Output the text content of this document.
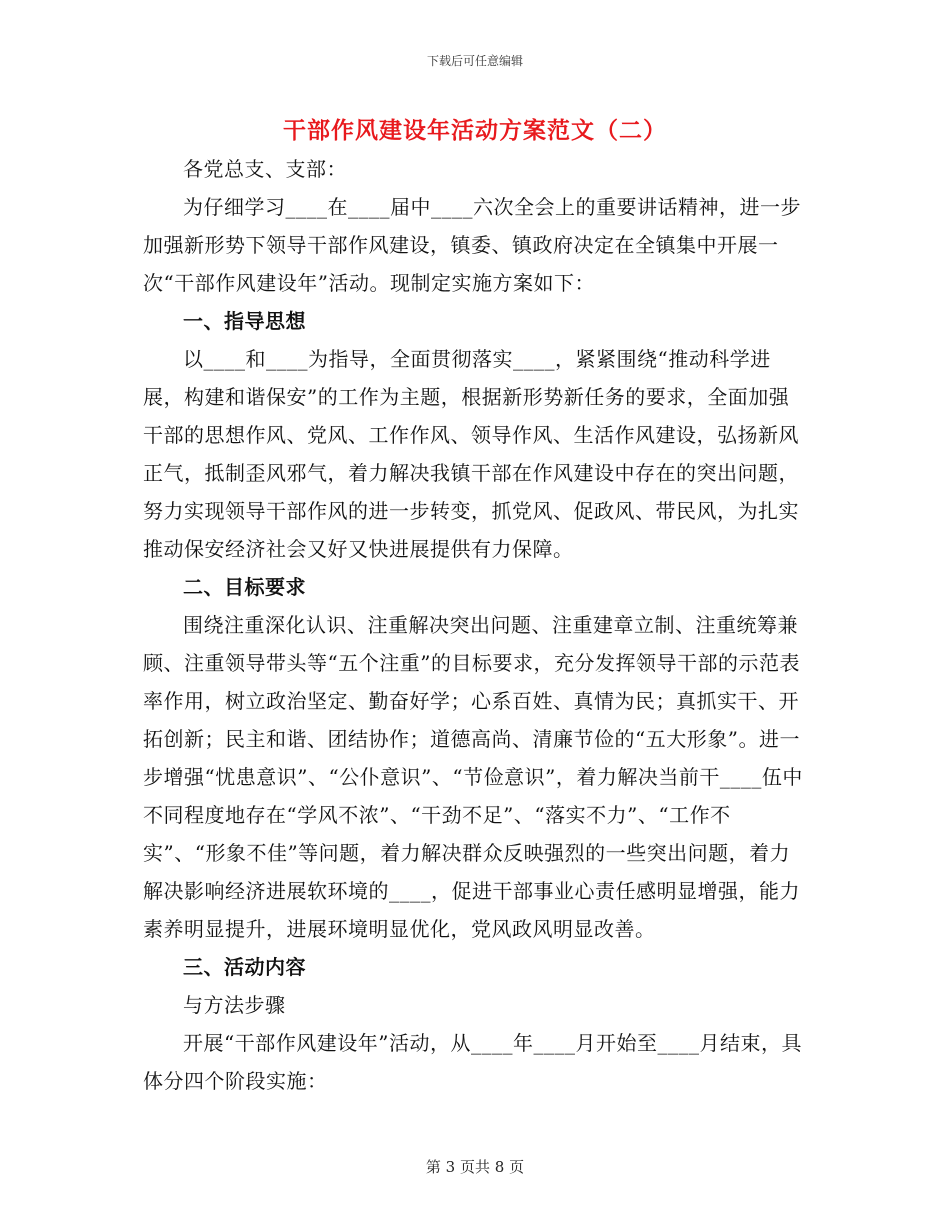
下载后可任意编辑
干部作风建设年活动方案范文（二）

各党总支、支部：

为仔细学习____在____届中____六次全会上的重要讲话精神，进一步加强新形势下领导干部作风建设，镇委、镇政府决定在全镇集中开展一次“干部作风建设年”活动。现制定实施方案如下：

一、指导思想

以____和____为指导，全面贯彻落实____，紧紧围绕“推动科学进展，构建和谐保安”的工作为主题，根据新形势新任务的要求，全面加强干部的思想作风、党风、工作作风、领导作风、生活作风建设，弘扬新风正气，抵制歪风邪气，着力解决我镇干部在作风建设中存在的突出问题，努力实现领导干部作风的进一步转变，抓党风、促政风、带民风，为扎实推动保安经济社会又好又快进展提供有力保障。

二、目标要求

围绕注重深化认识、注重解决突出问题、注重建章立制、注重统筹兼顾、注重领导带头等“五个注重”的目标要求，充分发挥领导干部的示范表率作用，树立政治坚定、勤奋好学；心系百姓、真情为民；真抓实干、开拓创新；民主和谐、团结协作；道德高尚、清廉节俭的“五大形象”。进一步增强“忧患意识”、“公仆意识”、“节俭意识”，着力解决当前干____伍中不同程度地存在“学风不浓”、“干劲不足”、“落实不力”、“工作不实”、“形象不佳”等问题，着力解决群众反映强烈的一些突出问题，着力解决影响经济进展软环境的____，促进干部事业心责任感明显增强，能力素养明显提升，进展环境明显优化，党风政风明显改善。

三、活动内容

与方法步骤

开展“干部作风建设年”活动，从____年____月开始至____月结束，具体分四个阶段实施：

第 3 页共 8 页
